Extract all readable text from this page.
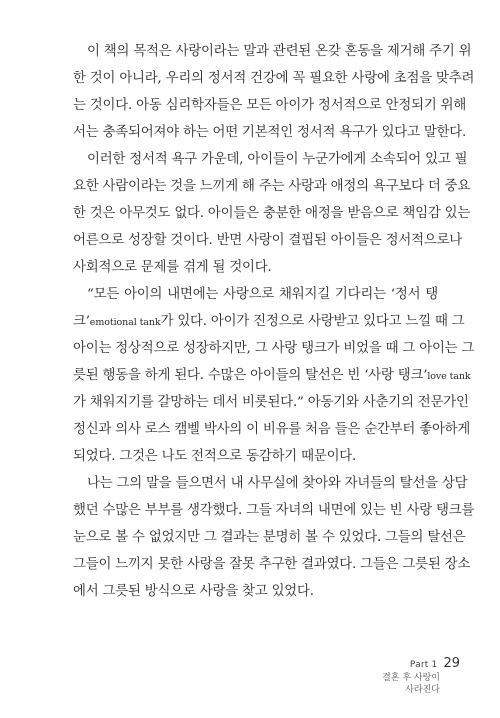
이 책의 목적은 사랑이라는 말과 관련된 온갖 혼동을 제거해 주기 위
한 것이 아니라, 우리의 정서적 건강에 꼭 필요한 사랑에 초점을 맞추려
는 것이다. 아동 심리학자들은 모든 아이가 정서적으로 안정되기 위해
서는 충족되어져야 하는 어떤 기본적인 정서적 욕구가 있다고 말한다.
이러한 정서적 욕구 가운데, 아이들이 누군가에게 소속되어 있고 필
요한 사람이라는 것을 느끼게 해 주는 사랑과 애정의 욕구보다 더 중요
한 것은 아무것도 없다. 아이들은 충분한 애정을 받음으로 책임감 있는
어른으로 성장할 것이다. 반면 사랑이 결핍된 아이들은 정서적으로나
사회적으로 문제를 겪게 될 것이다.
“모든 아이의 내면에는 사랑으로 채워지길 기다리는 ‘정서 탱
크’emotional tank가 있다. 아이가 진정으로 사랑받고 있다고 느낄 때 그
아이는 정상적으로 성장하지만, 그 사랑 탱크가 비었을 때 그 아이는 그
릇된 행동을 하게 된다. 수많은 아이들의 탈선은 빈 ‘사랑 탱크’love tank
가 채워지기를 갈망하는 데서 비롯된다.” 아동기와 사춘기의 전문가인
정신과 의사 로스 캠벨 박사의 이 비유를 처음 들은 순간부터 좋아하게
되었다. 그것은 나도 전적으로 동감하기 때문이다.
나는 그의 말을 들으면서 내 사무실에 찾아와 자녀들의 탈선을 상담
했던 수많은 부부를 생각했다. 그들 자녀의 내면에 있는 빈 사랑 탱크를
눈으로 볼 수 없었지만 그 결과는 분명히 볼 수 있었다. 그들의 탈선은
그들이 느끼지 못한 사랑을 잘못 추구한 결과였다. 그들은 그릇된 장소
에서 그릇된 방식으로 사랑을 찾고 있었다.
Part 1 29
결혼 후 사랑이
사라진다
